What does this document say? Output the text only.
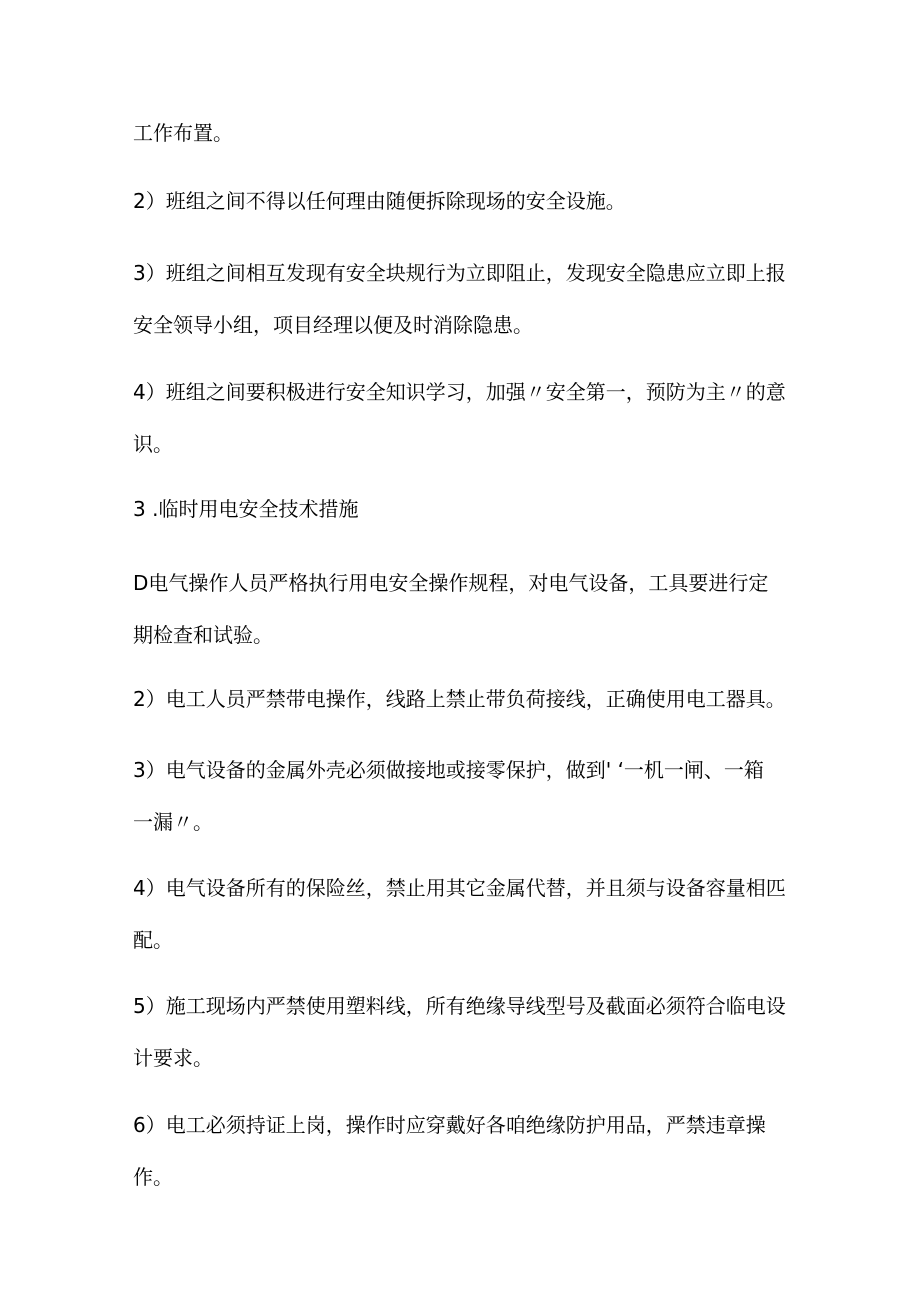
工作布置。

2）班组之间不得以任何理由随便拆除现场的安全设施。

3）班组之间相互发现有安全块规行为立即阻止，发现安全隐患应立即上报
安全领导小组，项目经理以便及时消除隐患。

4）班组之间要积极进行安全知识学习，加强〃安全第一，预防为主〃的意
识。

3 .临时用电安全技术措施

D电气操作人员严格执行用电安全操作规程，对电气设备，工具要进行定
期检查和试验。

2）电工人员严禁带电操作，线路上禁止带负荷接线，正确使用电工器具。

3）电气设备的金属外壳必须做接地或接零保护，做到' ‘一机一闸、一箱
一漏〃。

4）电气设备所有的保险丝，禁止用其它金属代替，并且须与设备容量相匹
配。

5）施工现场内严禁使用塑料线，所有绝缘导线型号及截面必须符合临电设
计要求。

6）电工必须持证上岗，操作时应穿戴好各咱绝缘防护用品，严禁违章操
作。
